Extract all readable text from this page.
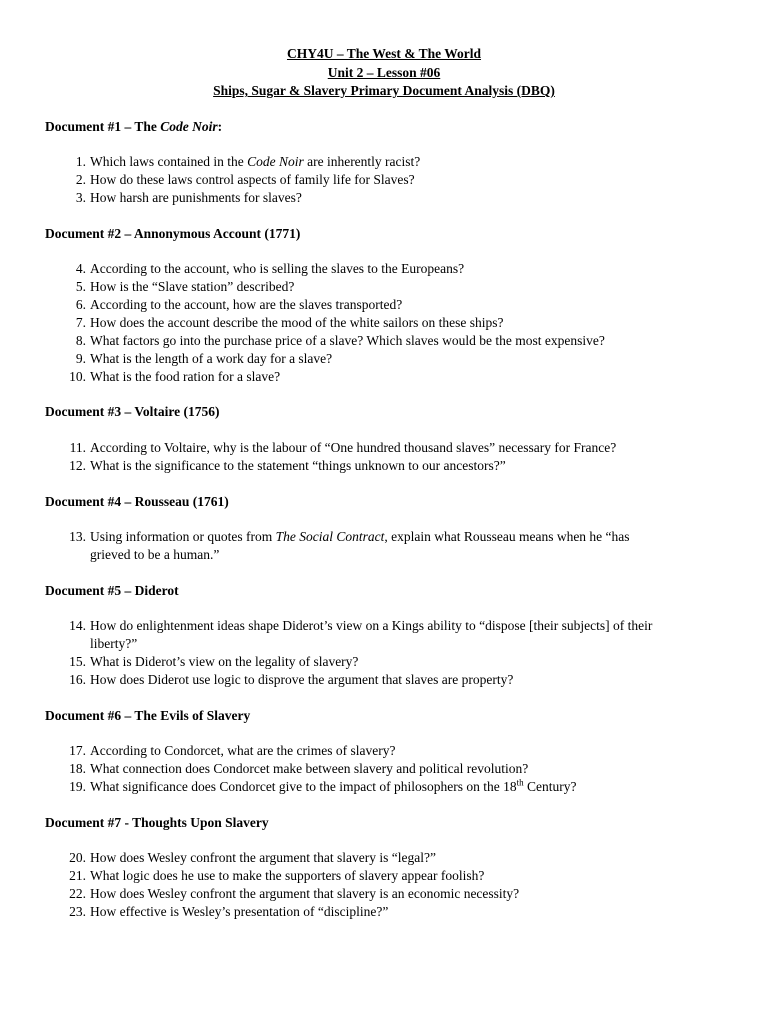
CHY4U – The West & The World
Unit 2 – Lesson #06
Ships, Sugar & Slavery Primary Document Analysis (DBQ)
Document #1 – The Code Noir:
1. Which laws contained in the Code Noir are inherently racist?
2. How do these laws control aspects of family life for Slaves?
3. How harsh are punishments for slaves?
Document #2 – Annonymous Account (1771)
4. According to the account, who is selling the slaves to the Europeans?
5. How is the “Slave station” described?
6. According to the account, how are the slaves transported?
7. How does the account describe the mood of the white sailors on these ships?
8. What factors go into the purchase price of a slave? Which slaves would be the most expensive?
9. What is the length of a work day for a slave?
10. What is the food ration for a slave?
Document #3 – Voltaire (1756)
11. According to Voltaire, why is the labour of “One hundred thousand slaves” necessary for France?
12. What is the significance to the statement “things unknown to our ancestors?”
Document #4 – Rousseau (1761)
13. Using information or quotes from The Social Contract, explain what Rousseau means when he “has
grieved to be a human.”
Document #5 – Diderot
14. How do enlightenment ideas shape Diderot’s view on a Kings ability to “dispose [their subjects] of their
liberty?”
15. What is Diderot’s view on the legality of slavery?
16. How does Diderot use logic to disprove the argument that slaves are property?
Document #6 – The Evils of Slavery
17. According to Condorcet, what are the crimes of slavery?
18. What connection does Condorcet make between slavery and political revolution?
19. What significance does Condorcet give to the impact of philosophers on the 18th Century?
Document #7 - Thoughts Upon Slavery
20. How does Wesley confront the argument that slavery is “legal?”
21. What logic does he use to make the supporters of slavery appear foolish?
22. How does Wesley confront the argument that slavery is an economic necessity?
23. How effective is Wesley’s presentation of “discipline?”
